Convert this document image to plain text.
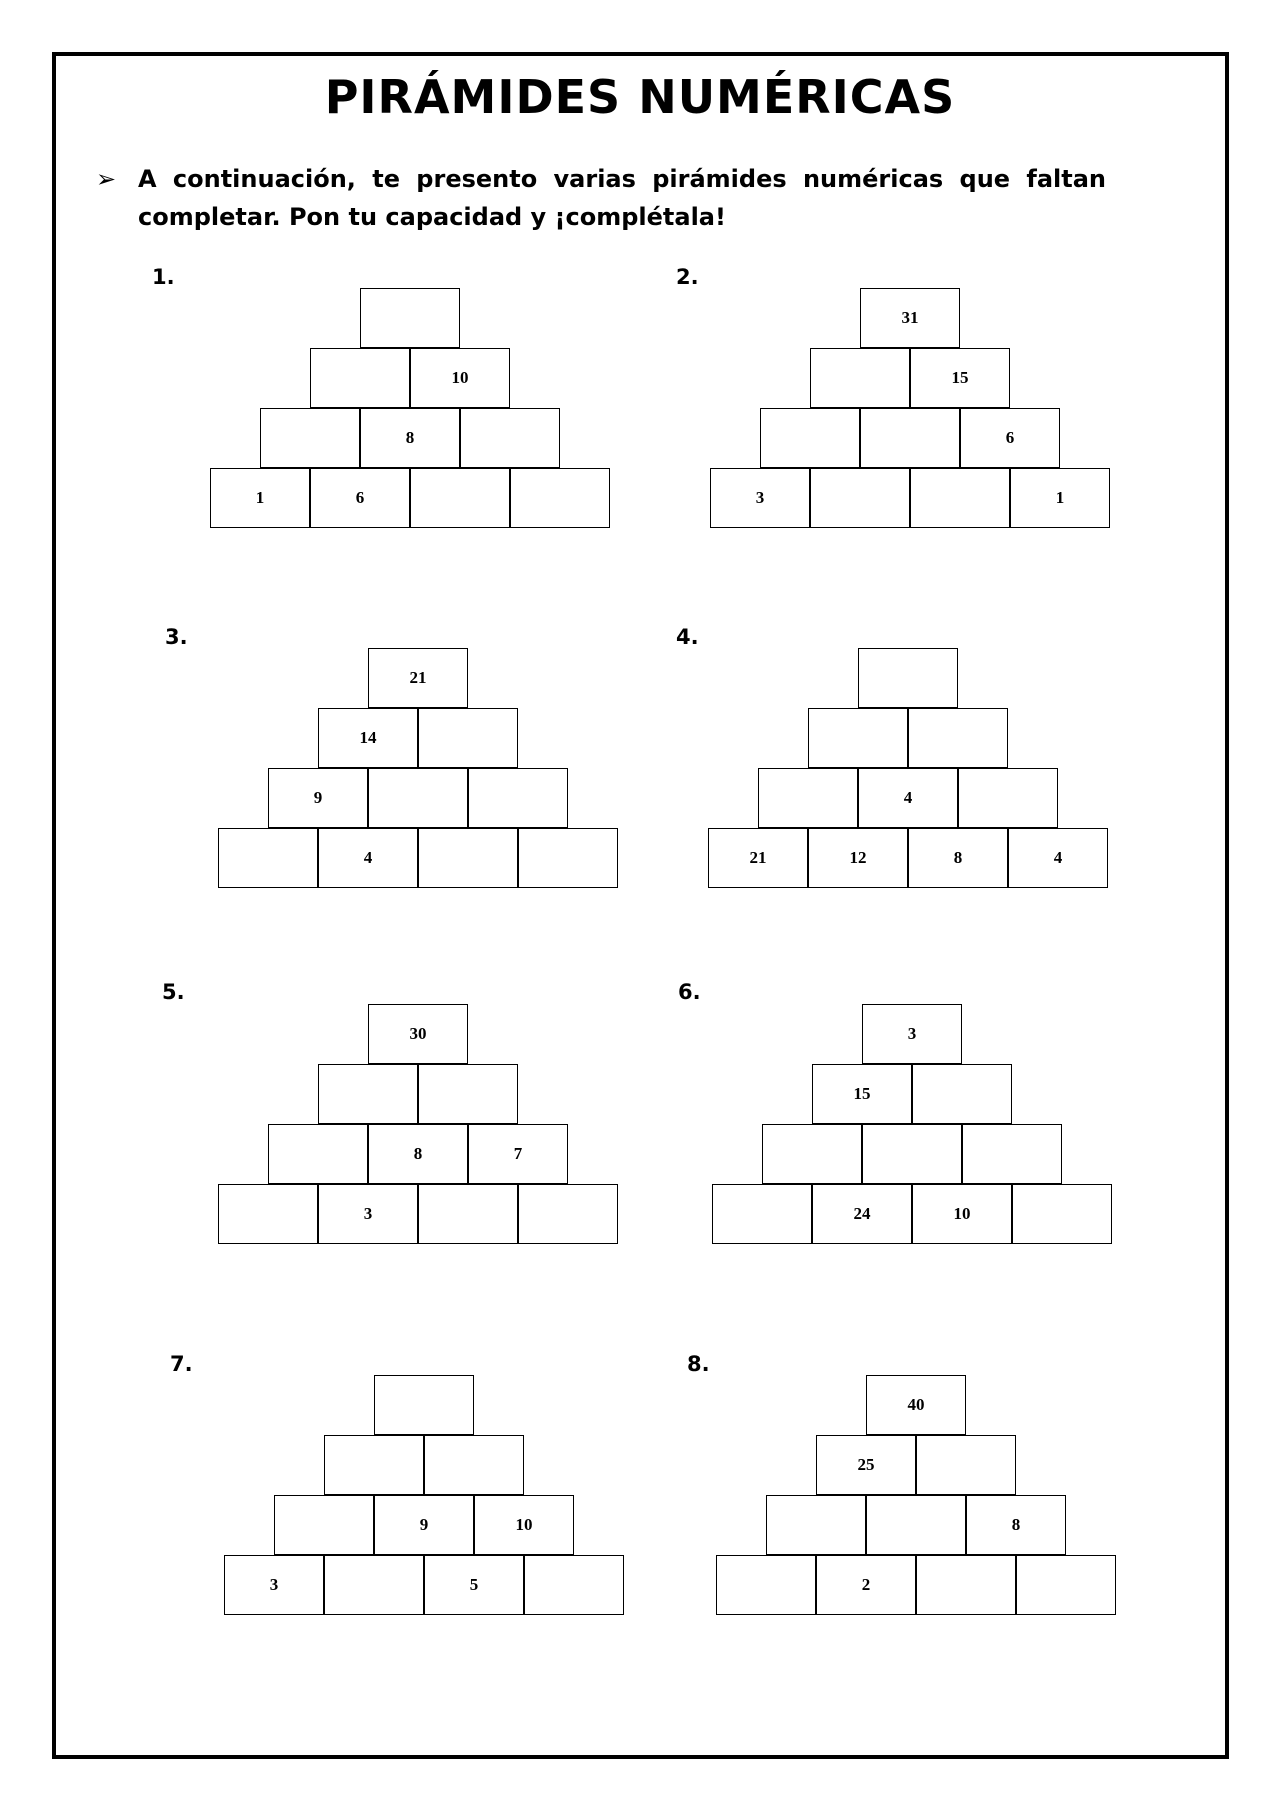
PIRÁMIDES NUMÉRICAS
➢ A continuación, te presento varias pirámides numéricas que faltan completar. Pon tu capacidad y ¡complétala!
1.
10
8
1	6
2.
31
15
6
3	1
3.
21
14
9
4
4.
4
21	12	8	4
5.
30
8	7
3
6.
3
15
24	10
7.
9	10
3	5
8.
40
25
8
2
